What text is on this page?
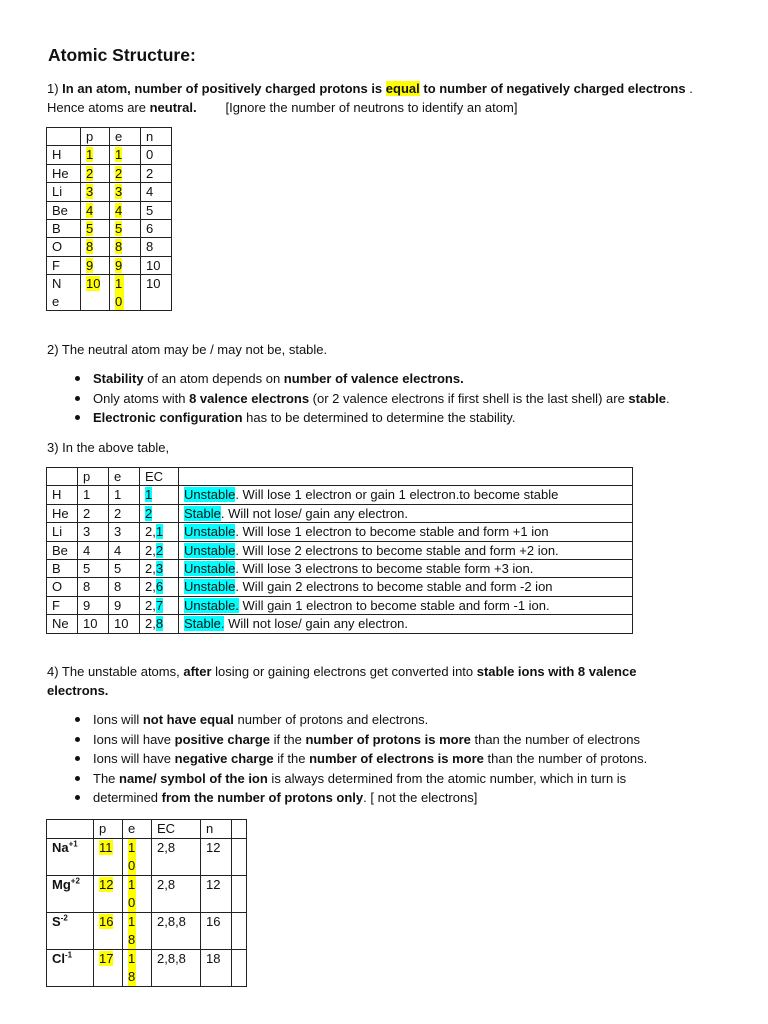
Atomic Structure:
1) In an atom, number of positively charged protons is equal to number of negatively charged electrons .
Hence atoms are neutral.        [Ignore the number of neutrons to identify an atom]
	p	e	n
H	1	1	0
He	2	2	2
Li	3	3	4
Be	4	4	5
B	5	5	6
O	8	8	8
F	9	9	10
Ne	10	10	10
2) The neutral atom may be / may not be, stable.
Stability of an atom depends on number of valence electrons.
Only atoms with 8 valence electrons (or 2 valence electrons if first shell is the last shell) are stable.
Electronic configuration has to be determined to determine the stability.
3) In the above table,
	p	e	EC	
H	1	1	1	Unstable. Will lose 1 electron or gain 1 electron.to become stable
He	2	2	2	Stable. Will not lose/ gain any electron.
Li	3	3	2,1	Unstable. Will lose 1 electron to become stable and form +1 ion
Be	4	4	2,2	Unstable. Will lose 2 electrons to become stable and form +2 ion.
B	5	5	2,3	Unstable. Will lose 3 electrons to become stable form +3 ion.
O	8	8	2,6	Unstable. Will gain 2 electrons to become stable and form -2 ion
F	9	9	2,7	Unstable. Will gain 1 electron to become stable and form -1 ion.
Ne	10	10	2,8	Stable. Will not lose/ gain any electron.
4) The unstable atoms, after losing or gaining electrons get converted into stable ions with 8 valence
electrons.
Ions will not have equal number of protons and electrons.
Ions will have positive charge if the number of protons is more than the number of electrons
Ions will have negative charge if the number of electrons is more than the number of protons.
The name/ symbol of the ion is always determined from the atomic number, which in turn is
determined from the number of protons only. [ not the electrons]
	p	e	EC	n	
$Na^{+1}$	11	10	2,8	12	
$Mg^{+2}$	12	10	2,8	12	
$S^{-2}$	16	18	2,8,8	16	
$Cl^{-1}$	17	18	2,8,8	18	
